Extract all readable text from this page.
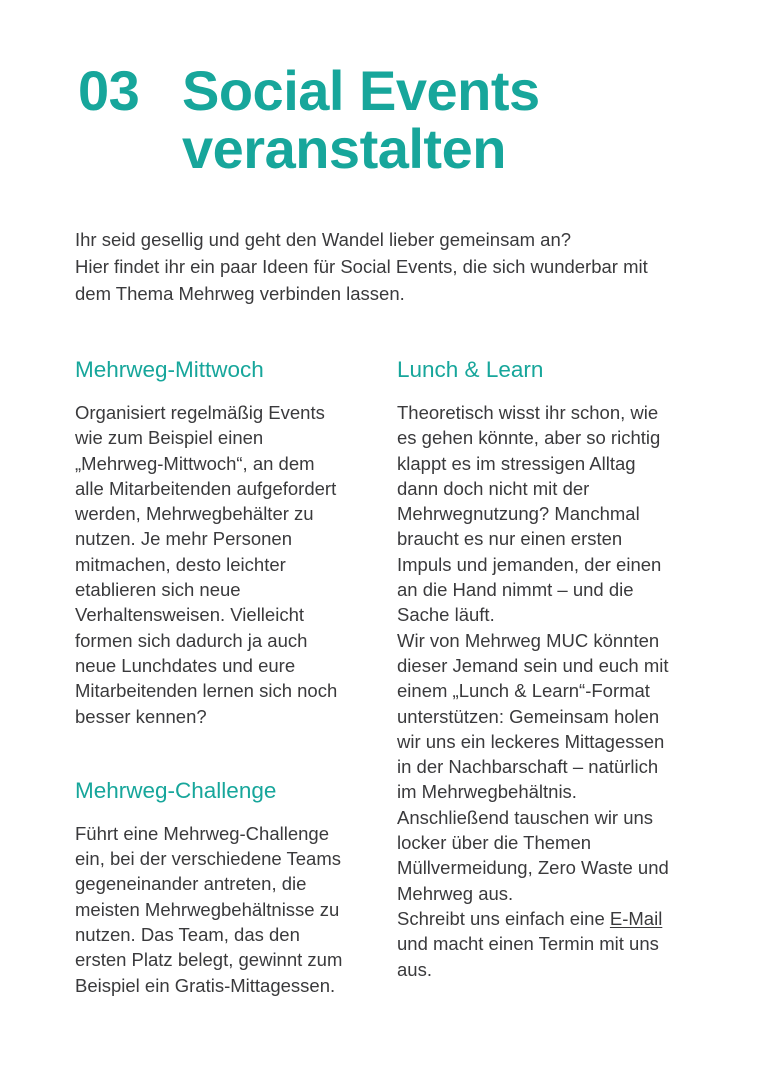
03 Social Events
veranstalten
Ihr seid gesellig und geht den Wandel lieber gemeinsam an?
Hier findet ihr ein paar Ideen für Social Events, die sich wunderbar mit
dem Thema Mehrweg verbinden lassen.
Mehrweg-Mittwoch
Organisiert regelmäßig Events
wie zum Beispiel einen
„Mehrweg-Mittwoch“, an dem
alle Mitarbeitenden aufgefordert
werden, Mehrwegbehälter zu
nutzen. Je mehr Personen
mitmachen, desto leichter
etablieren sich neue
Verhaltensweisen. Vielleicht
formen sich dadurch ja auch
neue Lunchdates und eure
Mitarbeitenden lernen sich noch
besser kennen?
Mehrweg-Challenge
Führt eine Mehrweg-Challenge
ein, bei der verschiedene Teams
gegeneinander antreten, die
meisten Mehrwegbehältnisse zu
nutzen. Das Team, das den
ersten Platz belegt, gewinnt zum
Beispiel ein Gratis-Mittagessen.
Lunch & Learn
Theoretisch wisst ihr schon, wie
es gehen könnte, aber so richtig
klappt es im stressigen Alltag
dann doch nicht mit der
Mehrwegnutzung? Manchmal
braucht es nur einen ersten
Impuls und jemanden, der einen
an die Hand nimmt – und die
Sache läuft.
Wir von Mehrweg MUC könnten
dieser Jemand sein und euch mit
einem „Lunch & Learn“-Format
unterstützen: Gemeinsam holen
wir uns ein leckeres Mittagessen
in der Nachbarschaft – natürlich
im Mehrwegbehältnis.
Anschließend tauschen wir uns
locker über die Themen
Müllvermeidung, Zero Waste und
Mehrweg aus.
Schreibt uns einfach eine E-Mail
und macht einen Termin mit uns
aus.
